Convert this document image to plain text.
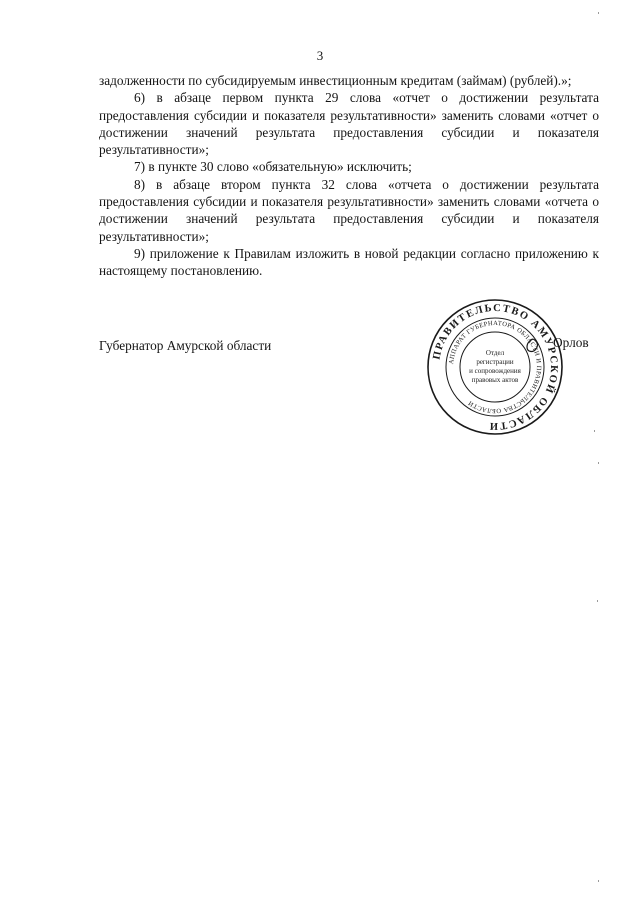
3

задолженности по субсидируемым инвестиционным кредитам (займам) (рублей).»;

6) в абзаце первом пункта 29 слова «отчет о достижении результата предоставления субсидии и показателя результативности» заменить словами «отчет о достижении значений результата предоставления субсидии и показателя результативности»;

7) в пункте 30 слово «обязательную» исключить;

8) в абзаце втором пункта 32 слова «отчета о достижении результата предоставления субсидии и показателя результативности» заменить словами «отчета о достижении значений результата предоставления субсидии и показателя результативности»;

9) приложение к Правилам изложить в новой редакции согласно приложению к настоящему постановлению.

Губернатор Амурской области
ПРАВИТЕЛЬСТВО АМУРСКОЙ ОБЛАСТИ
АППАРАТ ГУБЕРНАТОРА ОБЛАСТИ И ПРАВИТЕЛЬСТВА ОБЛАСТИ
Отдел
регистрации
и сопровождения
правовых актов
Орлов
